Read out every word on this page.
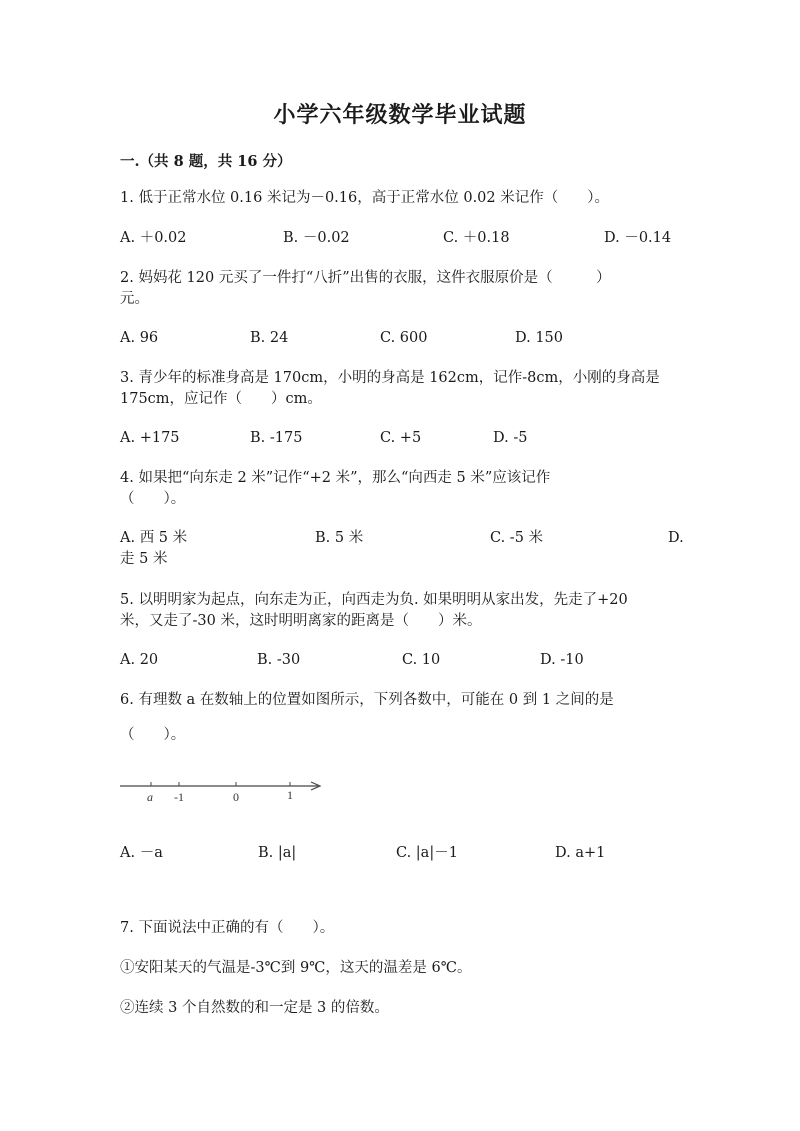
小学六年级数学毕业试题
一.（共 8 题，共 16 分）
1. 低于正常水位 0.16 米记为－0.16，高于正常水位 0.02 米记作（　　）。
A. ＋0.02	B. －0.02	C. ＋0.18	D. －0.14
2. 妈妈花 120 元买了一件打“八折”出售的衣服，这件衣服原价是（　　　）
元。
A. 96	B. 24	C. 600	D. 150
3. 青少年的标准身高是 170cm，小明的身高是 162cm，记作-8cm，小刚的身高是
175cm，应记作（　　）cm。
A. +175	B. -175	C. +5	D. -5
4. 如果把“向东走 2 米”记作“+2 米”，那么“向西走 5 米”应该记作
（　　）。
A. 西 5 米	B. 5 米	C. -5 米	D.
走 5 米
5. 以明明家为起点，向东走为正，向西走为负. 如果明明从家出发，先走了+20
米，又走了-30 米，这时明明离家的距离是（　　）米。
A. 20	B. -30	C. 10	D. -10
6. 有理数 a 在数轴上的位置如图所示，下列各数中，可能在 0 到 1 之间的是
（　　）。
a -1	0	1
A. －a	B. |a|	C. |a|－1	D. a+1
7. 下面说法中正确的有（　　）。
①安阳某天的气温是-3℃到 9℃，这天的温差是 6℃。
②连续 3 个自然数的和一定是 3 的倍数。
